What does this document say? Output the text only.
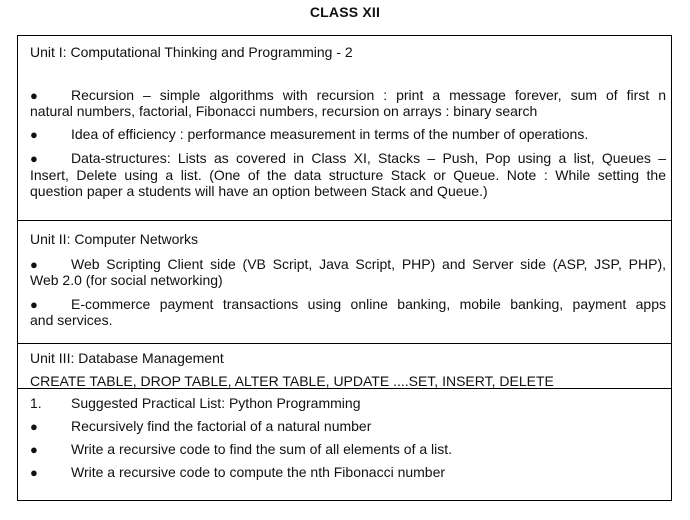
CLASS XII
Unit I: Computational Thinking and Programming - 2
● Recursion – simple algorithms with recursion : print a message forever, sum of first n
natural numbers, factorial, Fibonacci numbers, recursion on arrays : binary search
● Idea of efficiency : performance measurement in terms of the number of operations.
● Data-structures: Lists as covered in Class XI, Stacks – Push, Pop using a list, Queues –
Insert, Delete using a list. (One of the data structure Stack or Queue. Note : While setting the
question paper a students will have an option between Stack and Queue.)
Unit II: Computer Networks
● Web Scripting Client side (VB Script, Java Script, PHP) and Server side (ASP, JSP, PHP),
Web 2.0 (for social networking)
● E-commerce payment transactions using online banking, mobile banking, payment apps
and services.
Unit III: Database Management
CREATE TABLE, DROP TABLE, ALTER TABLE, UPDATE ....SET, INSERT, DELETE
1. Suggested Practical List: Python Programming
● Recursively find the factorial of a natural number
● Write a recursive code to find the sum of all elements of a list.
● Write a recursive code to compute the nth Fibonacci number
